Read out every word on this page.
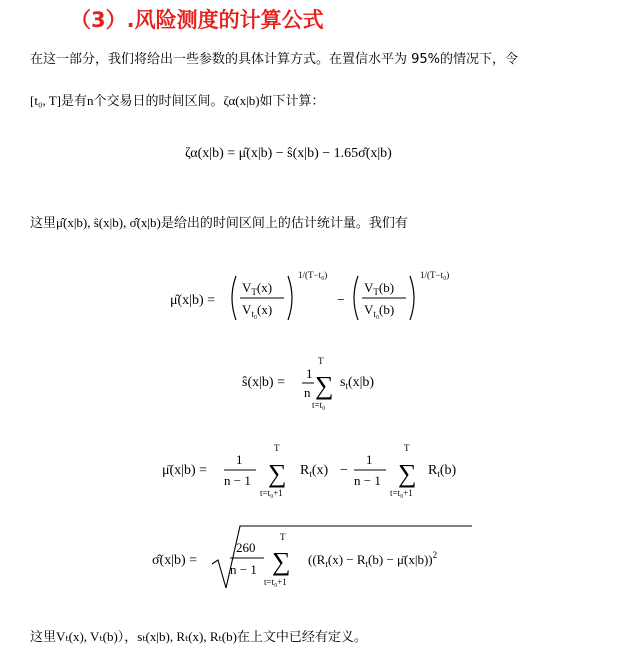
（3）.风险测度的计算公式
在这一部分，我们将给出一些参数的具体计算方式。在置信水平为 95%的情况下，令
[t₀, T]是有n个交易日的时间区间。ζα(x|b)如下计算：
ζα(x|b) = μ̂(x|b) − ŝ(x|b) − 1.65σ̂(x|b)
这里μ̂(x|b), ŝ(x|b), σ̂(x|b)是给出的时间区间上的估计统计量。我们有
μ̂(x|b) =
$V_T(x)$
$V_{t_0}(x)$
1/(T−t₀)
−
$V_T(b)$
$V_{t_0}(b)$
1/(T−t₀)
ŝ(x|b) =
1
n
T
∑
t=t₀
$s_t(x|b)$
μ̄(x|b) =
1
n − 1
T
∑
t=t₀+1
$R_t(x)$ −
1
n − 1
T
∑
t=t₀+1
$R_t(b)$
σ̂(x|b) =
260
n − 1
T
∑
t=t₀+1
(($R_t(x) - R_t(b)$ − μ̄(x|b))$^2$
这里Vₜ(x), Vₜ(b)），sₜ(x|b), Rₜ(x), Rₜ(b)在上文中已经有定义。
